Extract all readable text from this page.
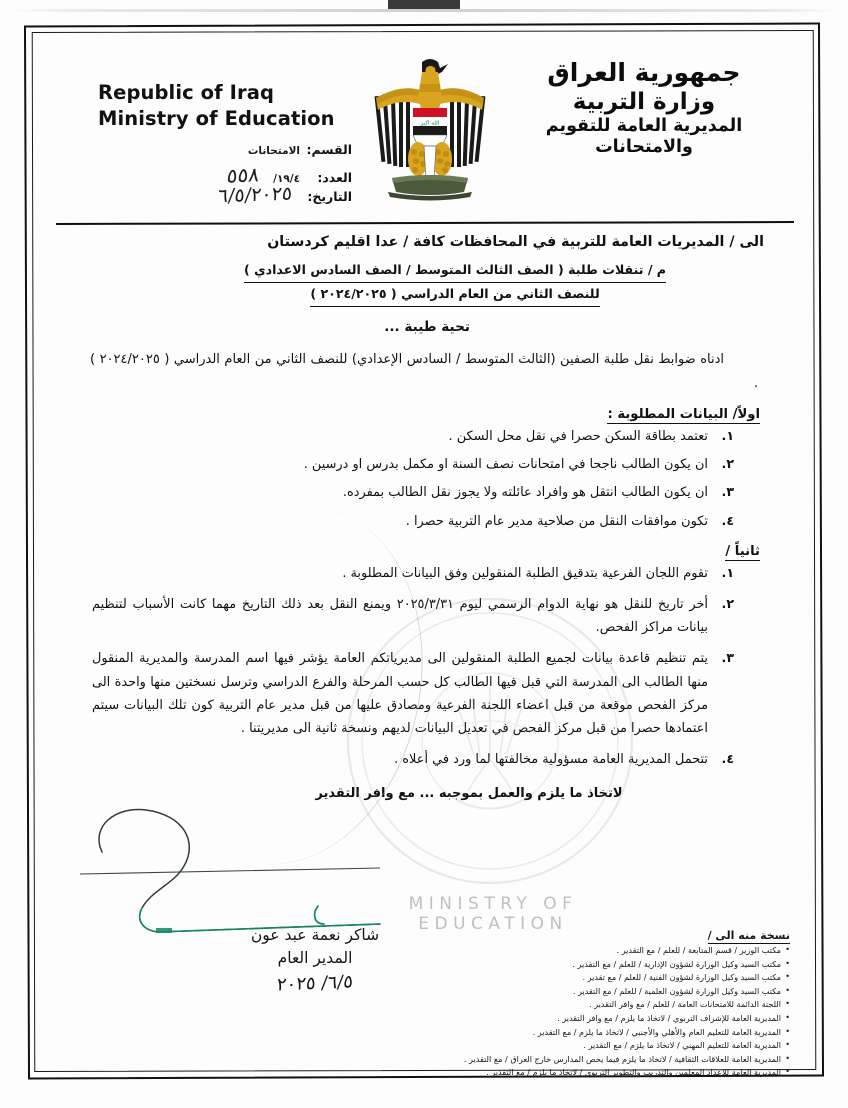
Republic of Iraq
Ministry of Education
القسم:
الامتحانات
العدد:
١٩/٤/
٥٥٨
التاريخ:
٦/٥/٢٠٢٥
الله اكبر
جمهورية العراق
وزارة التربية
المديرية العامة للتقويم والامتحانات
الى / المديريات العامة للتربية في المحافظات كافة / عدا اقليم كردستان
م / تنقلات طلبة ( الصف الثالث المتوسط / الصف السادس الاعدادي )
للنصف الثاني من العام الدراسي ( ٢٠٢٤/٢٠٢٥ )
تحية طيبة ...
ادناه ضوابط نقل طلبة الصفين (الثالث المتوسط / السادس الإعدادي) للنصف الثاني من العام الدراسي ( ٢٠٢٤/٢٠٢٥ ) .
اولاً/ البيانات المطلوبة :
١.
تعتمد بطاقة السكن حصرا في نقل محل السكن .
٢.
ان يكون الطالب ناجحا في امتحانات نصف السنة او مكمل بدرس او درسين .
٣.
ان يكون الطالب انتقل هو وافراد عائلته ولا يجوز نقل الطالب بمفرده.
٤.
تكون موافقات النقل من صلاحية مدير عام التربية حصرا .
ثانياً /
١.
تقوم اللجان الفرعية بتدقيق الطلبة المنقولين وفق البيانات المطلوبة .
٢.
أخر تاريخ للنقل هو نهاية الدوام الرسمي ليوم ٢٠٢٥/٣/٣١ ويمنع النقل بعد ذلك التاريخ مهما كانت الأسباب لتنظيم بيانات مراكز الفحص.
٣.
يتم تنظيم قاعدة بيانات لجميع الطلبة المنقولين الى مديرياتكم العامة يؤشر فيها اسم المدرسة والمديرية المنقول منها الطالب الى المدرسة التي قبل فيها الطالب كل حسب المرحلة والفرع الدراسي وترسل نسختين منها واحدة الى مركز الفحص موقعة من قبل اعضاء اللجنة الفرعية ومصادق عليها من قبل مدير عام التربية كون تلك البيانات سيتم اعتمادها حصرا من قبل مركز الفحص في تعديل البيانات لديهم ونسخة ثانية الى مديريتنا .
٤.
تتحمل المديرية العامة مسؤولية مخالفتها لما ورد في أعلاه .
لاتخاذ ما يلزم والعمل بموجبه ... مع وافر التقدير
MINISTRY OF EDUCATION
شاكر نعمة عبد عون
المدير العام
٦/٥/ ٢٠٢٥
نسخة منه الى /
• مكتب الوزير / قسم المتابعة / للعلم / مع التقدير .
• مكتب السيد وكيل الوزارة لشؤون الإدارية / للعلم / مع التقدير .
• مكتب السيد وكيل الوزارة لشؤون الفنية / للعلم / مع تقدير .
• مكتب السيد وكيل الوزارة لشؤون العلمية / للعلم / مع التقدير .
• اللجنة الدائمة للامتحانات العامة / للعلم / مع وافر التقدير .
• المديرية العامة للإشراف التربوي / لاتخاذ ما يلزم / مع وافر التقدير .
• المديرية العامة للتعليم العام والأهلي والأجنبي / لاتخاذ ما يلزم / مع التقدير .
• المديرية العامة للتعليم المهني / لاتخاذ ما يلزم / مع التقدير .
• المديرية العامة للعلاقات الثقافية / لاتخاذ ما يلزم فيما يخص المدارس خارج العراق / مع التقدير .
• المديرية العامة للإعداد المعلمين والتدريب والتطوير التربوي / لاتخاذ ما يلزم / مع التقدير .
